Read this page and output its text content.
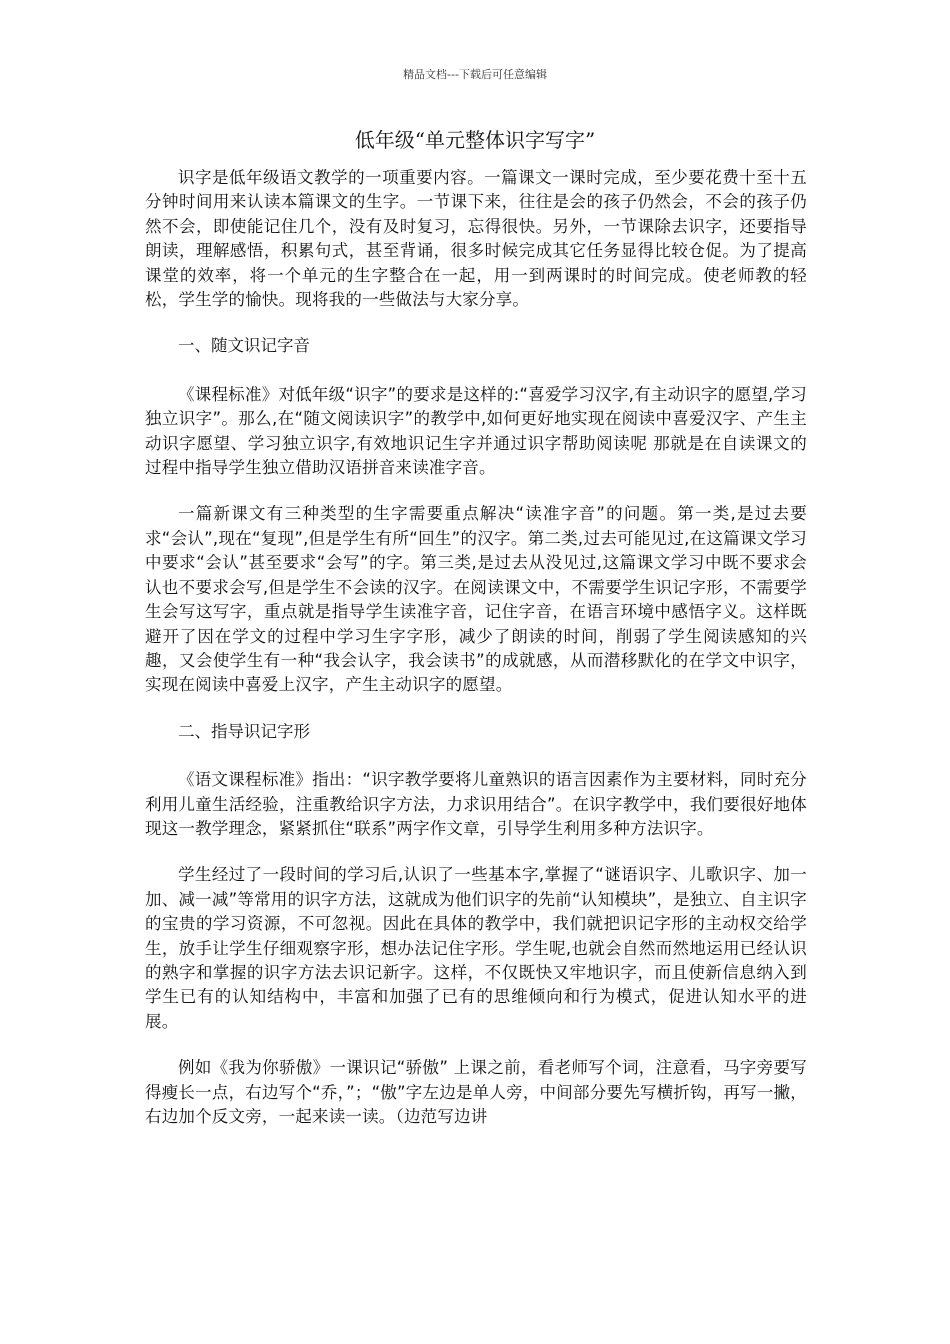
精品文档---下载后可任意编辑
低年级“单元整体识字写字”

识字是低年级语文教学的一项重要内容。一篇课文一课时完成，至少要花费十至十五分钟时间用来认读本篇课文的生字。一节课下来，往往是会的孩子仍然会，不会的孩子仍然不会，即使能记住几个，没有及时复习，忘得很快。另外，一节课除去识字，还要指导朗读，理解感悟，积累句式，甚至背诵，很多时候完成其它任务显得比较仓促。为了提高课堂的效率，将一个单元的生字整合在一起，用一到两课时的时间完成。使老师教的轻松，学生学的愉快。现将我的一些做法与大家分享。

一、随文识记字音

《课程标准》对低年级“识字”的要求是这样的:“喜爱学习汉字,有主动识字的愿望,学习独立识字”。那么,在“随文阅读识字”的教学中,如何更好地实现在阅读中喜爱汉字、产生主动识字愿望、学习独立识字,有效地识记生字并通过识字帮助阅读呢 那就是在自读课文的过程中指导学生独立借助汉语拼音来读准字音。

一篇新课文有三种类型的生字需要重点解决“读准字音”的问题。第一类,是过去要求“会认”,现在“复现”,但是学生有所“回生”的汉字。第二类,过去可能见过,在这篇课文学习中要求“会认”甚至要求“会写”的字。第三类,是过去从没见过,这篇课文学习中既不要求会认也不要求会写,但是学生不会读的汉字。在阅读课文中，不需要学生识记字形，不需要学生会写这写字，重点就是指导学生读准字音，记住字音，在语言环境中感悟字义。这样既避开了因在学文的过程中学习生字字形，减少了朗读的时间，削弱了学生阅读感知的兴趣，又会使学生有一种“我会认字，我会读书”的成就感，从而潜移默化的在学文中识字，实现在阅读中喜爱上汉字，产生主动识字的愿望。

二、指导识记字形

《语文课程标准》指出：“识字教学要将儿童熟识的语言因素作为主要材料，同时充分利用儿童生活经验，注重教给识字方法，力求识用结合”。在识字教学中，我们要很好地体现这一教学理念，紧紧抓住“联系”两字作文章，引导学生利用多种方法识字。

学生经过了一段时间的学习后,认识了一些基本字,掌握了“谜语识字、儿歌识字、加一加、减一减”等常用的识字方法，这就成为他们识字的先前“认知模块”，是独立、自主识字的宝贵的学习资源，不可忽视。因此在具体的教学中，我们就把识记字形的主动权交给学生，放手让学生仔细观察字形，想办法记住字形。学生呢,也就会自然而然地运用已经认识的熟字和掌握的识字方法去识记新字。这样，不仅既快又牢地识字，而且使新信息纳入到学生已有的认知结构中，丰富和加强了已有的思维倾向和行为模式，促进认知水平的进展。

例如《我为你骄傲》一课识记“骄傲” 上课之前，看老师写个词，注意看，马字旁要写得瘦长一点，右边写个“乔，”；“傲”字左边是单人旁，中间部分要先写横折钩，再写一撇，右边加个反文旁，一起来读一读。（边范写边讲
